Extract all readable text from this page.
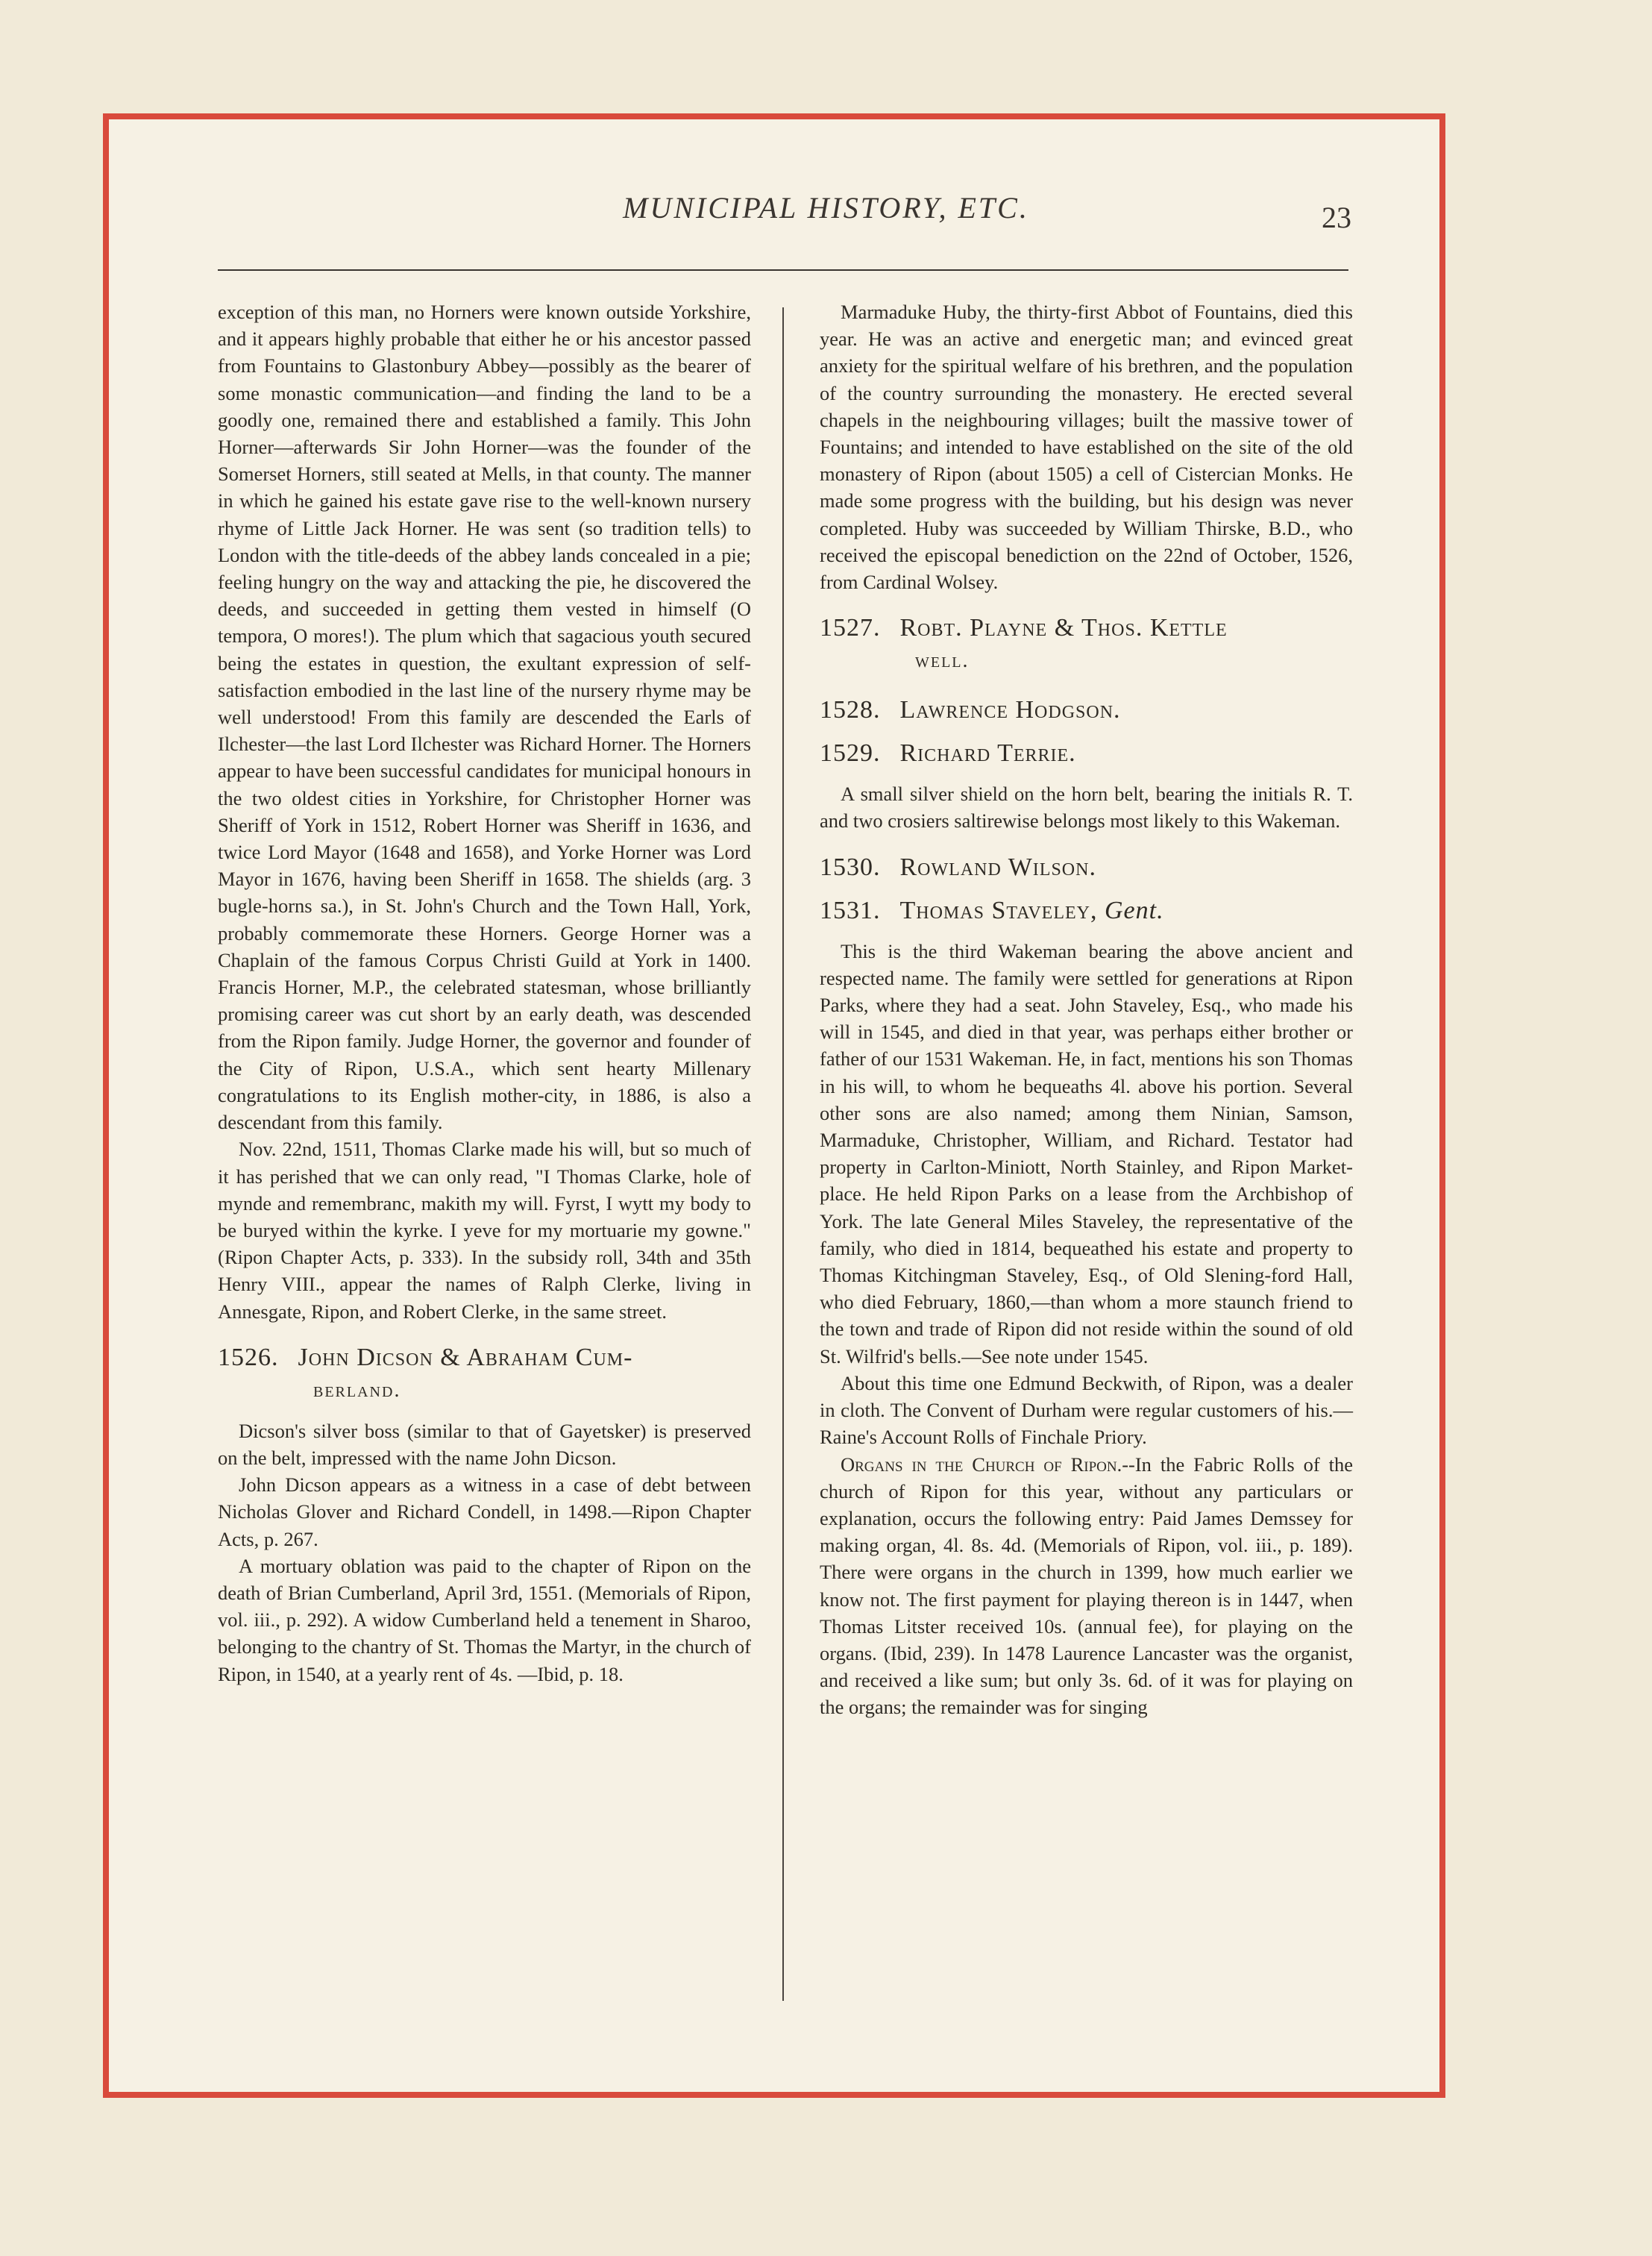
MUNICIPAL HISTORY, ETC.	23

exception of this man, no Horners were known outside Yorkshire, and it appears highly probable that either he or his ancestor passed from Fountains to Glastonbury Abbey—possibly as the bearer of some monastic communication—and finding the land to be a goodly one, remained there and established a family. This John Horner—afterwards Sir John Horner—was the founder of the Somerset Horners, still seated at Mells, in that county. The manner in which he gained his estate gave rise to the well-known nursery rhyme of Little Jack Horner. He was sent (so tradition tells) to London with the title-deeds of the abbey lands concealed in a pie; feeling hungry on the way and attacking the pie, he discovered the deeds, and succeeded in getting them vested in himself (O tempora, O mores!). The plum which that sagacious youth secured being the estates in question, the exultant expression of self-satisfaction embodied in the last line of the nursery rhyme may be well understood! From this family are descended the Earls of Ilchester—the last Lord Ilchester was Richard Horner. The Horners appear to have been successful candidates for municipal honours in the two oldest cities in Yorkshire, for Christopher Horner was Sheriff of York in 1512, Robert Horner was Sheriff in 1636, and twice Lord Mayor (1648 and 1658), and Yorke Horner was Lord Mayor in 1676, having been Sheriff in 1658. The shields (arg. 3 bugle-horns sa.), in St. John's Church and the Town Hall, York, probably commemorate these Horners. George Horner was a Chaplain of the famous Corpus Christi Guild at York in 1400. Francis Horner, M.P., the celebrated statesman, whose brilliantly promising career was cut short by an early death, was descended from the Ripon family. Judge Horner, the governor and founder of the City of Ripon, U.S.A., which sent hearty Millenary congratulations to its English mother-city, in 1886, is also a descendant from this family.

Nov. 22nd, 1511, Thomas Clarke made his will, but so much of it has perished that we can only read, "I Thomas Clarke, hole of mynde and remembranc, makith my will. Fyrst, I wytt my body to be buryed within the kyrke. I yeve for my mortuarie my gowne." (Ripon Chapter Acts, p. 333). In the subsidy roll, 34th and 35th Henry VIII., appear the names of Ralph Clerke, living in Annesgate, Ripon, and Robert Clerke, in the same street.

1526. John Dicson & Abraham Cum-
berland.

Dicson's silver boss (similar to that of Gayetsker) is preserved on the belt, impressed with the name John Dicson.

John Dicson appears as a witness in a case of debt between Nicholas Glover and Richard Condell, in 1498.—Ripon Chapter Acts, p. 267.

A mortuary oblation was paid to the chapter of Ripon on the death of Brian Cumberland, April 3rd, 1551. (Memorials of Ripon, vol. iii., p. 292). A widow Cumberland held a tenement in Sharoo, belonging to the chantry of St. Thomas the Martyr, in the church of Ripon, in 1540, at a yearly rent of 4s. —Ibid, p. 18.

Marmaduke Huby, the thirty-first Abbot of Fountains, died this year. He was an active and energetic man; and evinced great anxiety for the spiritual welfare of his brethren, and the population of the country surrounding the monastery. He erected several chapels in the neighbouring villages; built the massive tower of Fountains; and intended to have established on the site of the old monastery of Ripon (about 1505) a cell of Cistercian Monks. He made some progress with the building, but his design was never completed. Huby was succeeded by William Thirske, B.D., who received the episcopal benediction on the 22nd of October, 1526, from Cardinal Wolsey.

1527. Robt. Playne & Thos. Kettle
well.

1528. Lawrence Hodgson.

1529. Richard Terrie.

A small silver shield on the horn belt, bearing the initials R. T. and two crosiers saltirewise belongs most likely to this Wakeman.

1530. Rowland Wilson.

1531. Thomas Staveley, Gent.

This is the third Wakeman bearing the above ancient and respected name. The family were settled for generations at Ripon Parks, where they had a seat. John Staveley, Esq., who made his will in 1545, and died in that year, was perhaps either brother or father of our 1531 Wakeman. He, in fact, mentions his son Thomas in his will, to whom he bequeaths 4l. above his portion. Several other sons are also named; among them Ninian, Samson, Marmaduke, Christopher, William, and Richard. Testator had property in Carlton-Miniott, North Stainley, and Ripon Market-place. He held Ripon Parks on a lease from the Archbishop of York. The late General Miles Staveley, the representative of the family, who died in 1814, bequeathed his estate and property to Thomas Kitchingman Staveley, Esq., of Old Slening-ford Hall, who died February, 1860,—than whom a more staunch friend to the town and trade of Ripon did not reside within the sound of old St. Wilfrid's bells.—See note under 1545.

About this time one Edmund Beckwith, of Ripon, was a dealer in cloth. The Convent of Durham were regular customers of his.—Raine's Account Rolls of Finchale Priory.

Organs in the Church of Ripon.--In the Fabric Rolls of the church of Ripon for this year, without any particulars or explanation, occurs the following entry: Paid James Demssey for making organ, 4l. 8s. 4d. (Memorials of Ripon, vol. iii., p. 189). There were organs in the church in 1399, how much earlier we know not. The first payment for playing thereon is in 1447, when Thomas Litster received 10s. (annual fee), for playing on the organs. (Ibid, 239). In 1478 Laurence Lancaster was the organist, and received a like sum; but only 3s. 6d. of it was for playing on the organs; the remainder was for singing
